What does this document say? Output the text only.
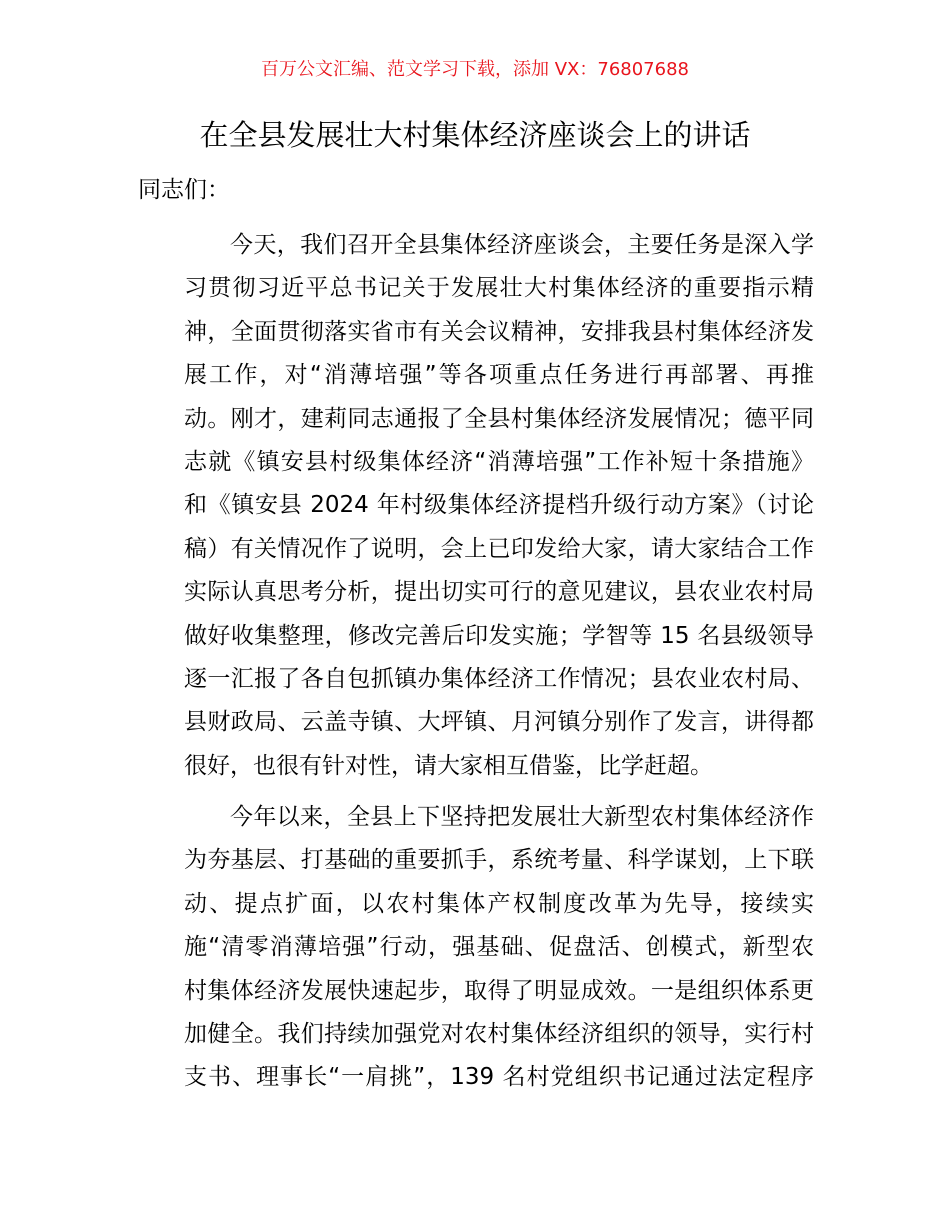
百万公文汇编、范文学习下载，添加 VX：76807688
在全县发展壮大村集体经济座谈会上的讲话
同志们：
今天，我们召开全县集体经济座谈会，主要任务是深入学
习贯彻习近平总书记关于发展壮大村集体经济的重要指示精
神，全面贯彻落实省市有关会议精神，安排我县村集体经济发
展工作，对“消薄培强”等各项重点任务进行再部署、再推
动。刚才，建莉同志通报了全县村集体经济发展情况；德平同
志就《镇安县村级集体经济“消薄培强”工作补短十条措施》
和《镇安县 2024 年村级集体经济提档升级行动方案》（讨论
稿）有关情况作了说明，会上已印发给大家，请大家结合工作
实际认真思考分析，提出切实可行的意见建议，县农业农村局
做好收集整理，修改完善后印发实施；学智等 15 名县级领导
逐一汇报了各自包抓镇办集体经济工作情况；县农业农村局、
县财政局、云盖寺镇、大坪镇、月河镇分别作了发言，讲得都
很好，也很有针对性，请大家相互借鉴，比学赶超。
今年以来，全县上下坚持把发展壮大新型农村集体经济作
为夯基层、打基础的重要抓手，系统考量、科学谋划，上下联
动、提点扩面，以农村集体产权制度改革为先导，接续实
施“清零消薄培强”行动，强基础、促盘活、创模式，新型农
村集体经济发展快速起步，取得了明显成效。一是组织体系更
加健全。我们持续加强党对农村集体经济组织的领导，实行村
支书、理事长“一肩挑”，139 名村党组织书记通过法定程序
